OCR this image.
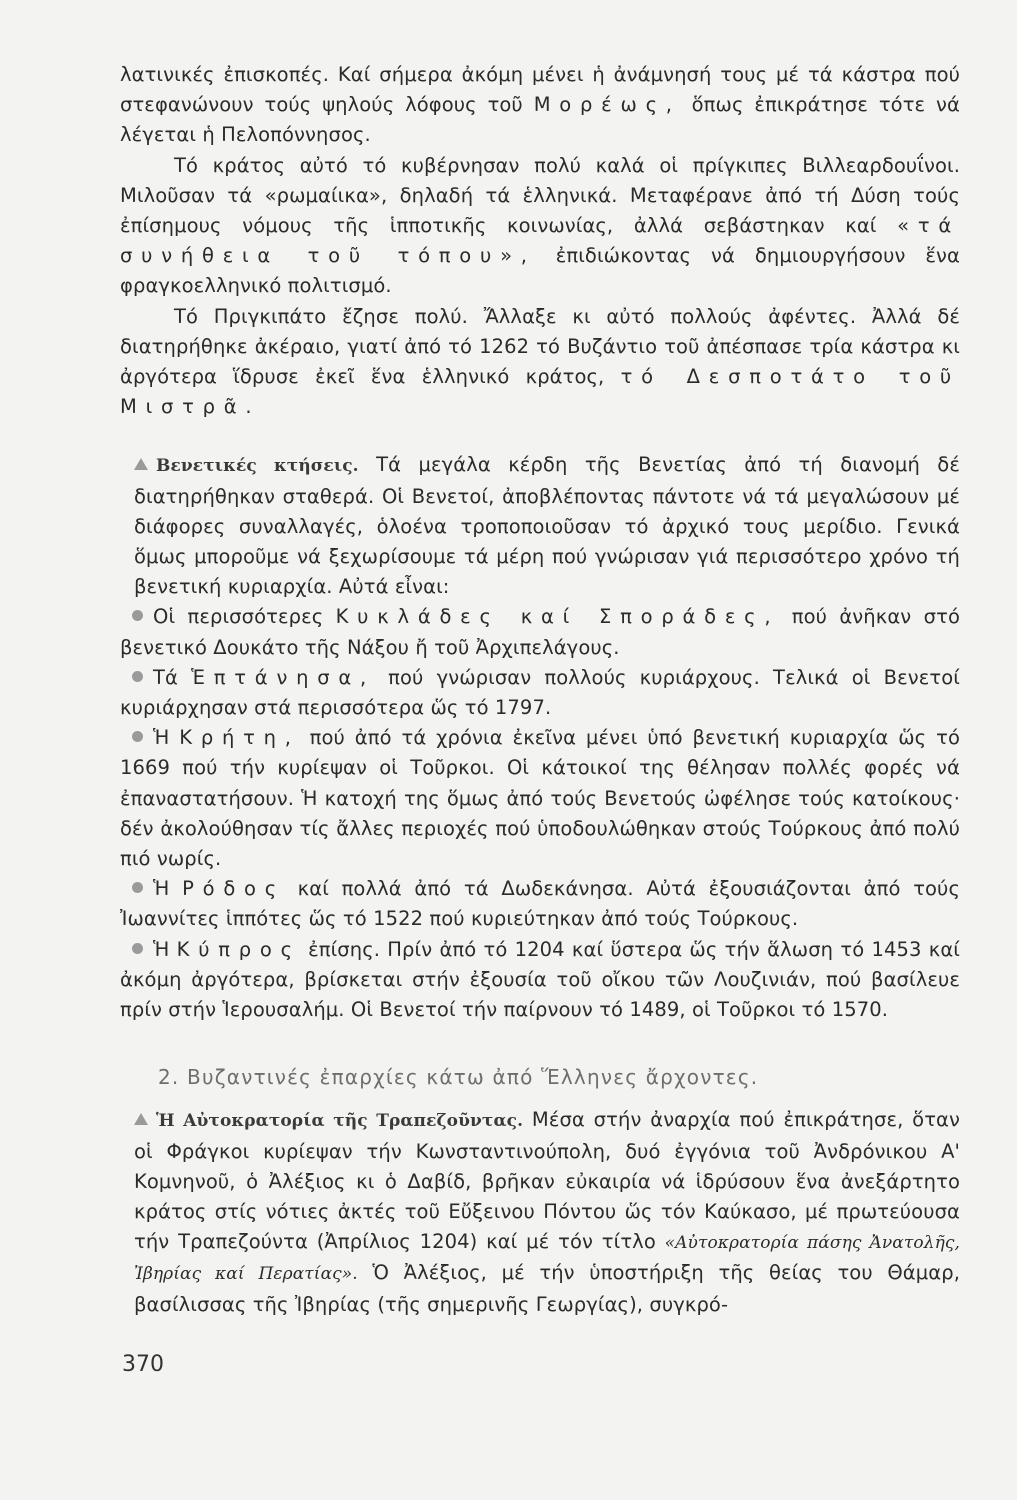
λατινικές ἐπισκοπές. Καί σήμερα ἀκόμη μένει ἡ ἀνάμνησή τους μέ τά κάστρα πού στεφανώνουν τούς ψηλούς λόφους τοῦ Μορέως, ὅπως ἐπικράτησε τότε νά λέγεται ἡ Πελοπόννησος.

Τό κράτος αὐτό τό κυβέρνησαν πολύ καλά οἱ πρίγκιπες Βιλλεαρδουΐνοι. Μιλοῦσαν τά «ρωμαίικα», δηλαδή τά ἑλληνικά. Μεταφέρανε ἀπό τή Δύση τούς ἐπίσημους νόμους τῆς ἱπποτικῆς κοινωνίας, ἀλλά σεβάστηκαν καί «τά συνήθεια τοῦ τόπου», ἐπιδιώκοντας νά δημιουργήσουν ἕνα φραγκοελληνικό πολιτισμό.

Τό Πριγκιπάτο ἔζησε πολύ. Ἄλλαξε κι αὐτό πολλούς ἀφέντες. Ἀλλά δέ διατηρήθηκε ἀκέραιο, γιατί ἀπό τό 1262 τό Βυζάντιο τοῦ ἀπέσπασε τρία κάστρα κι ἀργότερα ἵδρυσε ἐκεῖ ἕνα ἑλληνικό κράτος, τό Δεσποτάτο τοῦ Μιστρᾶ.

Βενετικές κτήσεις. Τά μεγάλα κέρδη τῆς Βενετίας ἀπό τή διανομή δέ διατηρήθηκαν σταθερά. Οἱ Βενετοί, ἀποβλέποντας πάντοτε νά τά μεγαλώσουν μέ διάφορες συναλλαγές, ὁλοένα τροποποιοῦσαν τό ἀρχικό τους μερίδιο. Γενικά ὅμως μποροῦμε νά ξεχωρίσουμε τά μέρη πού γνώρισαν γιά περισσότερο χρόνο τή βενετική κυριαρχία. Αὐτά εἶναι:

Οἱ περισσότερες Κυκλάδες καί Σποράδες, πού ἀνῆκαν στό βενετικό Δουκάτο τῆς Νάξου ἤ τοῦ Ἀρχιπελάγους.

Τά Ἑπτάνησα, πού γνώρισαν πολλούς κυριάρχους. Τελικά οἱ Βενετοί κυριάρχησαν στά περισσότερα ὥς τό 1797.

Ἡ Κρήτη, πού ἀπό τά χρόνια ἐκεῖνα μένει ὑπό βενετική κυριαρχία ὥς τό 1669 πού τήν κυρίεψαν οἱ Τοῦρκοι. Οἱ κάτοικοί της θέλησαν πολλές φορές νά ἐπαναστατήσουν. Ἡ κατοχή της ὅμως ἀπό τούς Βενετούς ὠφέλησε τούς κατοίκους· δέν ἀκολούθησαν τίς ἄλλες περιοχές πού ὑποδουλώθηκαν στούς Τούρκους ἀπό πολύ πιό νωρίς.

Ἡ Ρόδος καί πολλά ἀπό τά Δωδεκάνησα. Αὐτά ἐξουσιάζονται ἀπό τούς Ἰωαννίτες ἱππότες ὥς τό 1522 πού κυριεύτηκαν ἀπό τούς Τούρκους.

Ἡ Κύπρος ἐπίσης. Πρίν ἀπό τό 1204 καί ὕστερα ὥς τήν ἅλωση τό 1453 καί ἀκόμη ἀργότερα, βρίσκεται στήν ἐξουσία τοῦ οἴκου τῶν Λουζινιάν, πού βασίλευε πρίν στήν Ἱερουσαλήμ. Οἱ Βενετοί τήν παίρνουν τό 1489, οἱ Τοῦρκοι τό 1570.

2. Βυζαντινές ἐπαρχίες κάτω ἀπό Ἕλληνες ἄρχοντες.

Ἡ Αὐτοκρατορία τῆς Τραπεζοῦντας. Μέσα στήν ἀναρχία πού ἐπικράτησε, ὅταν οἱ Φράγκοι κυρίεψαν τήν Κωνσταντινούπολη, δυό ἐγγόνια τοῦ Ἀνδρόνικου Α' Κομνηνοῦ, ὁ Ἀλέξιος κι ὁ Δαβίδ, βρῆκαν εὐκαιρία νά ἱδρύσουν ἕνα ἀνεξάρτητο κράτος στίς νότιες ἀκτές τοῦ Εὔξεινου Πόντου ὥς τόν Καύκασο, μέ πρωτεύουσα τήν Τραπεζούντα (Ἀπρίλιος 1204) καί μέ τόν τίτλο «Αὐτοκρατορία πάσης Ἀνατολῆς, Ἰβηρίας καί Περατίας». Ὁ Ἀλέξιος, μέ τήν ὑποστήριξη τῆς θείας του Θάμαρ, βασίλισσας τῆς Ἰβηρίας (τῆς σημερινῆς Γεωργίας), συγκρό-

370
